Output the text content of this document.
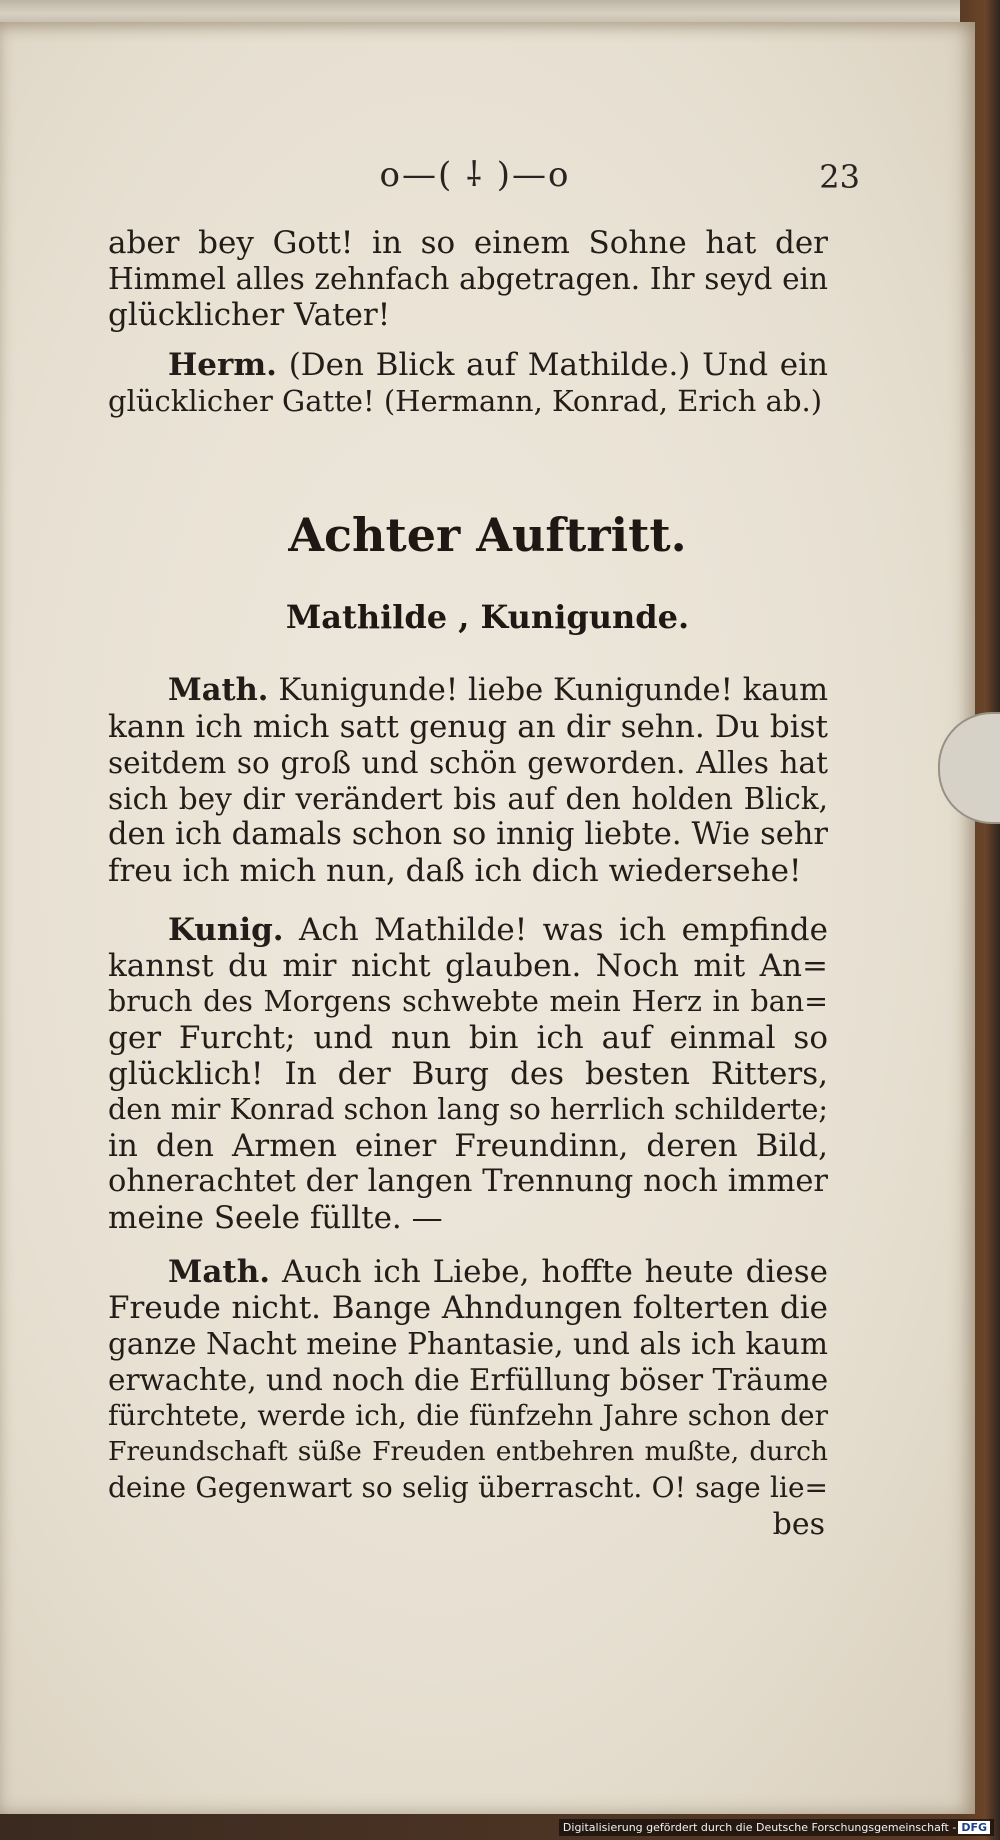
o—( ⸸ )—o	23
aber bey Gott! in so einem Sohne hat der
Himmel alles zehnfach abgetragen. Ihr seyd ein
glücklicher Vater!
Herm. (Den Blick auf Mathilde.) Und ein
glücklicher Gatte! (Hermann, Konrad, Erich ab.)
Achter Auftritt.
Mathilde , Kunigunde.
Math. Kunigunde! liebe Kunigunde! kaum
kann ich mich satt genug an dir sehn. Du bist
seitdem so groß und schön geworden. Alles hat
sich bey dir verändert bis auf den holden Blick,
den ich damals schon so innig liebte. Wie sehr
freu ich mich nun, daß ich dich wiedersehe!
Kunig. Ach Mathilde! was ich empfinde
kannst du mir nicht glauben. Noch mit An=
bruch des Morgens schwebte mein Herz in ban=
ger Furcht; und nun bin ich auf einmal so
glücklich! In der Burg des besten Ritters,
den mir Konrad schon lang so herrlich schilderte;
in den Armen einer Freundinn, deren Bild,
ohnerachtet der langen Trennung noch immer
meine Seele füllte. —
Math. Auch ich Liebe, hoffte heute diese
Freude nicht. Bange Ahndungen folterten die
ganze Nacht meine Phantasie, und als ich kaum
erwachte, und noch die Erfüllung böser Träume
fürchtete, werde ich, die fünfzehn Jahre schon der
Freundschaft süße Freuden entbehren mußte, durch
deine Gegenwart so selig überrascht. O! sage lie=
bes
Digitalisierung gefördert durch die Deutsche Forschungsgemeinschaft - DFG
